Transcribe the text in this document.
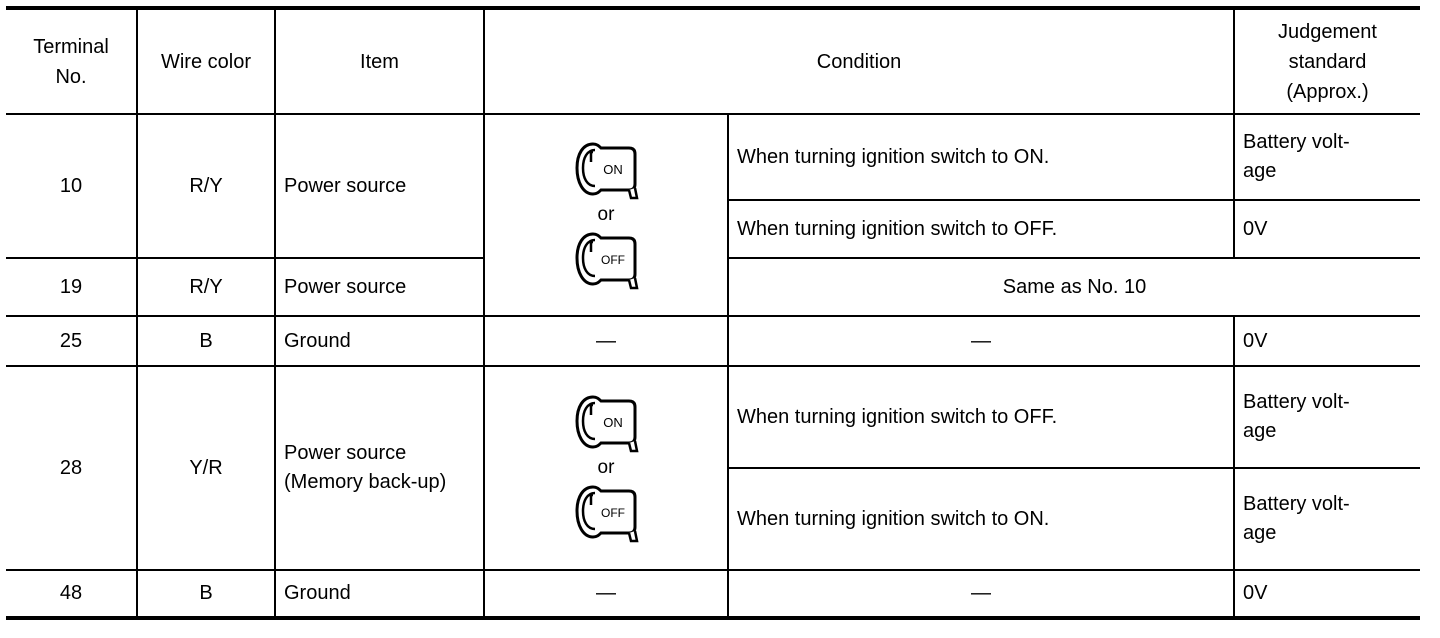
Terminal No.	Wire color	Item	Condition		Judgement standard (Approx.)
10	R/Y	Power source	ON
or
OFF	When turning ignition switch to ON.	Battery volt-age
				When turning ignition switch to OFF.	0V
19	R/Y	Power source		Same as No. 10	
25	B	Ground	—	—	0V
28	Y/R	Power source (Memory back-up)	ON
or
OFF	When turning ignition switch to OFF.	Battery volt-age
				When turning ignition switch to ON.	Battery volt-age
48	B	Ground	—	—	0V
